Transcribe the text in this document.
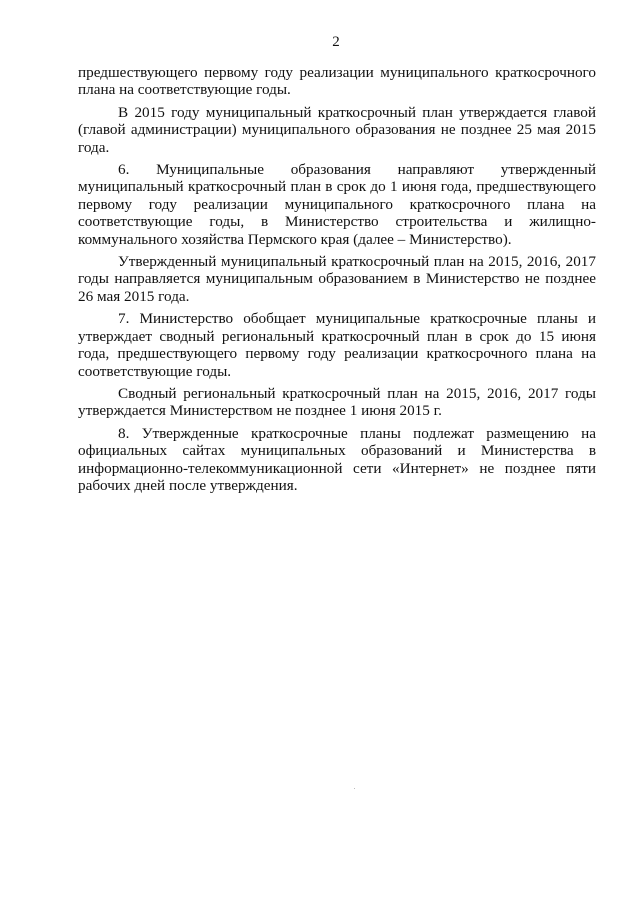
2

предшествующего первому году реализации муниципального краткосрочного плана на соответствующие годы.

В 2015 году муниципальный краткосрочный план утверждается главой (главой администрации) муниципального образования не позднее 25 мая 2015 года.

6. Муниципальные образования направляют утвержденный муниципальный краткосрочный план в срок до 1 июня года, предшествующего первому году реализации муниципального краткосрочного плана на соответствующие годы, в Министерство строительства и жилищно-коммунального хозяйства Пермского края (далее – Министерство).

Утвержденный муниципальный краткосрочный план на 2015, 2016, 2017 годы направляется муниципальным образованием в Министерство не позднее 26 мая 2015 года.

7. Министерство обобщает муниципальные краткосрочные планы и утверждает сводный региональный краткосрочный план в срок до 15 июня года, предшествующего первому году реализации краткосрочного плана на соответствующие годы.

Сводный региональный краткосрочный план на 2015, 2016, 2017 годы утверждается Министерством не позднее 1 июня 2015 г.

8. Утвержденные краткосрочные планы подлежат размещению на официальных сайтах муниципальных образований и Министерства в информационно-телекоммуникационной сети «Интернет» не позднее пяти рабочих дней после утверждения.
